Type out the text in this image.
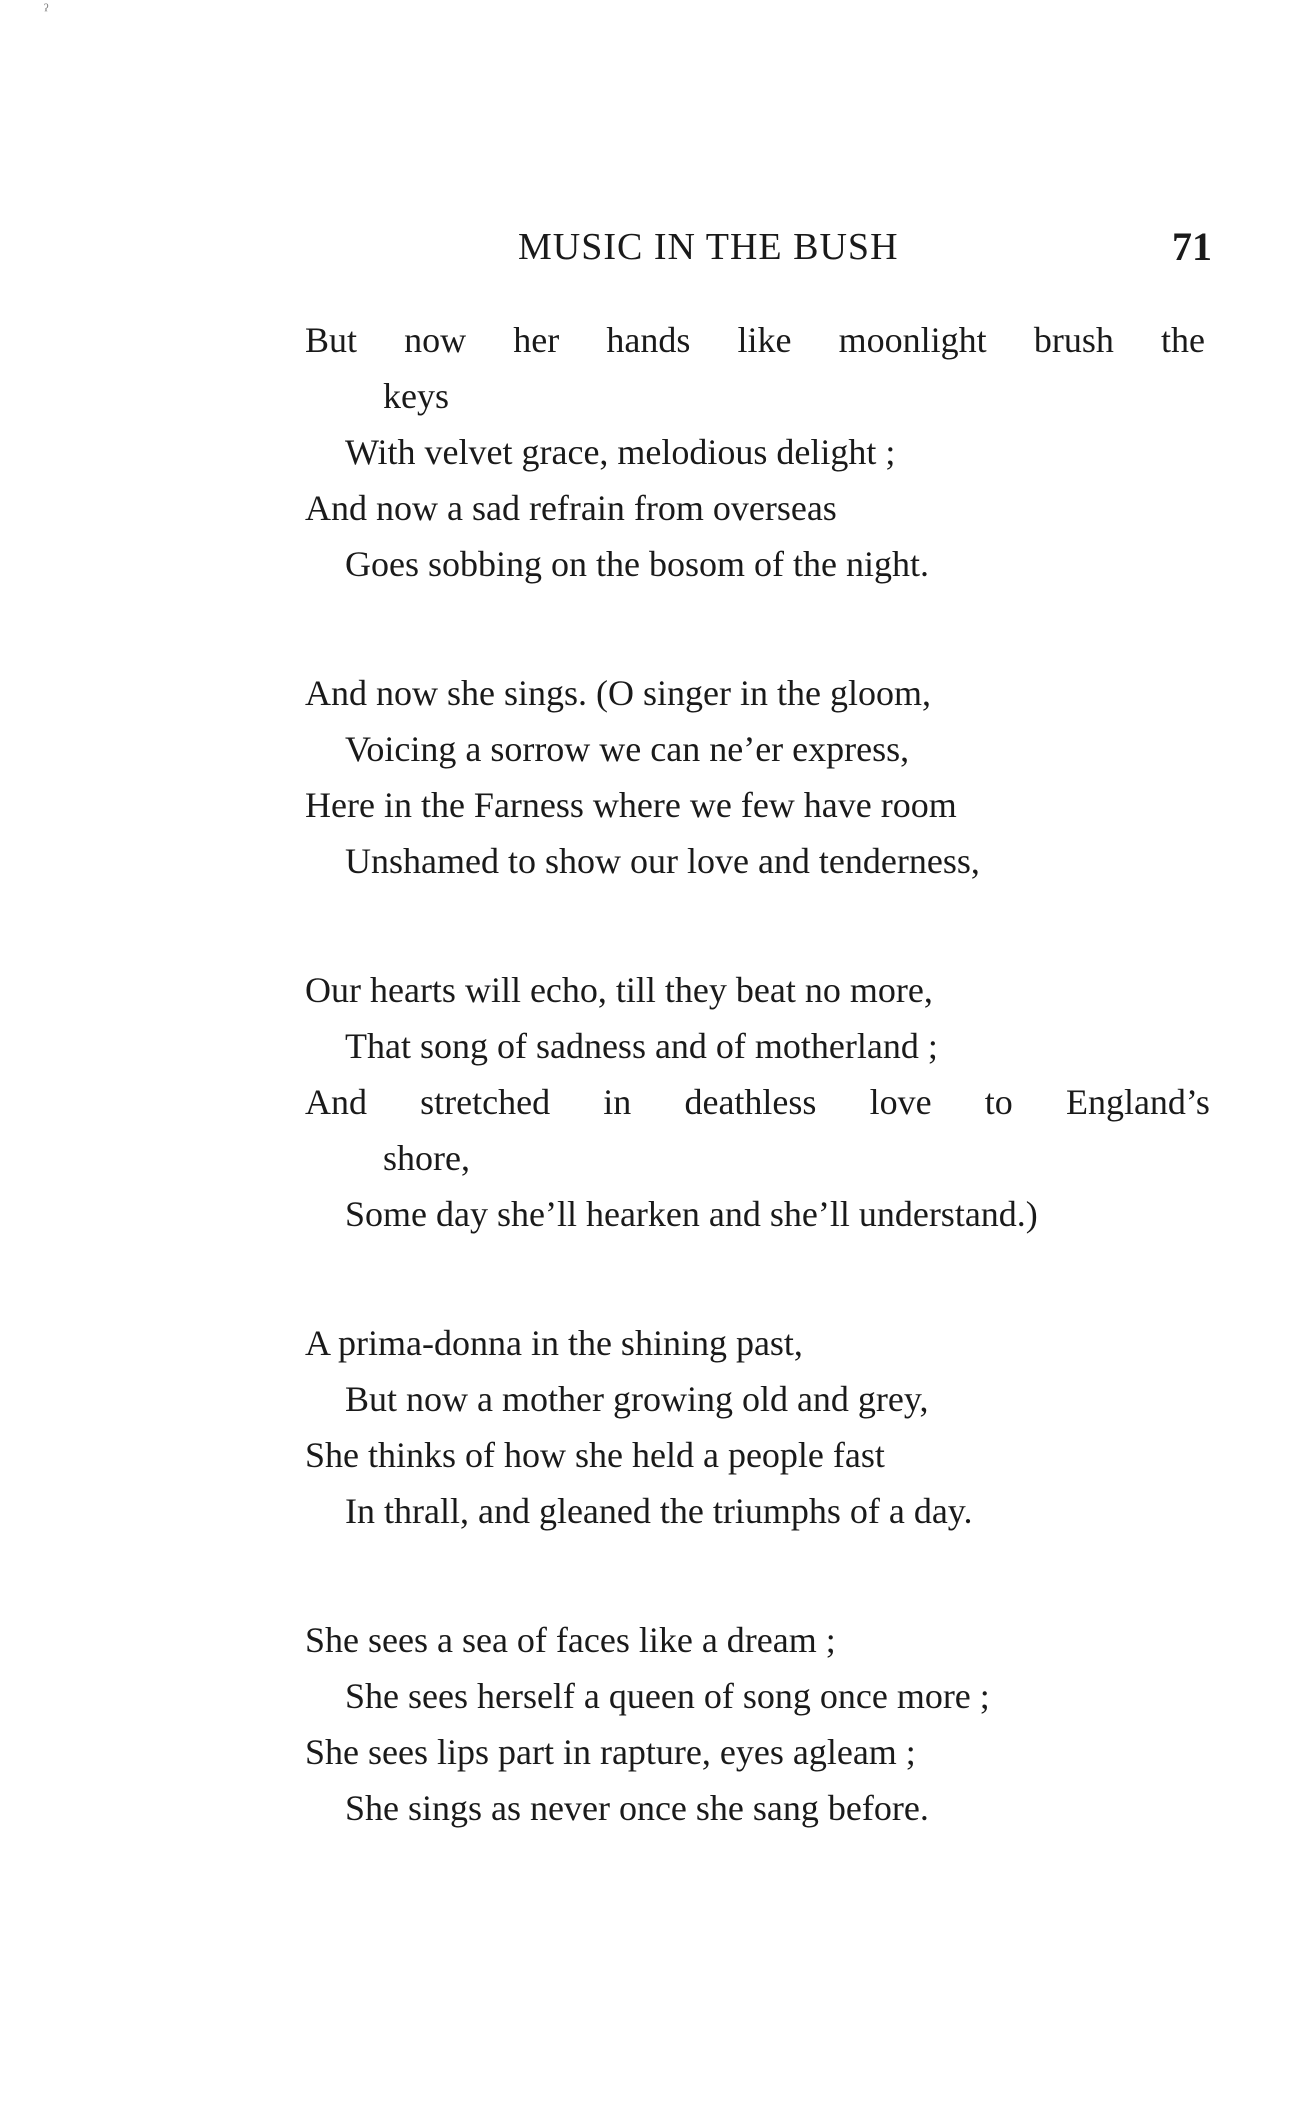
ˀ
MUSIC IN THE BUSH	71
But now her hands like moonlight brush the
keys
With velvet grace, melodious delight ;
And now a sad refrain from overseas
Goes sobbing on the bosom of the night.
And now she sings. (O singer in the gloom,
Voicing a sorrow we can ne’er express,
Here in the Farness where we few have room
Unshamed to show our love and tenderness,
Our hearts will echo, till they beat no more,
That song of sadness and of motherland ;
And stretched in deathless love to England’s
shore,
Some day she’ll hearken and she’ll understand.)
A prima-donna in the shining past,
But now a mother growing old and grey,
She thinks of how she held a people fast
In thrall, and gleaned the triumphs of a day.
She sees a sea of faces like a dream ;
She sees herself a queen of song once more ;
She sees lips part in rapture, eyes agleam ;
She sings as never once she sang before.
